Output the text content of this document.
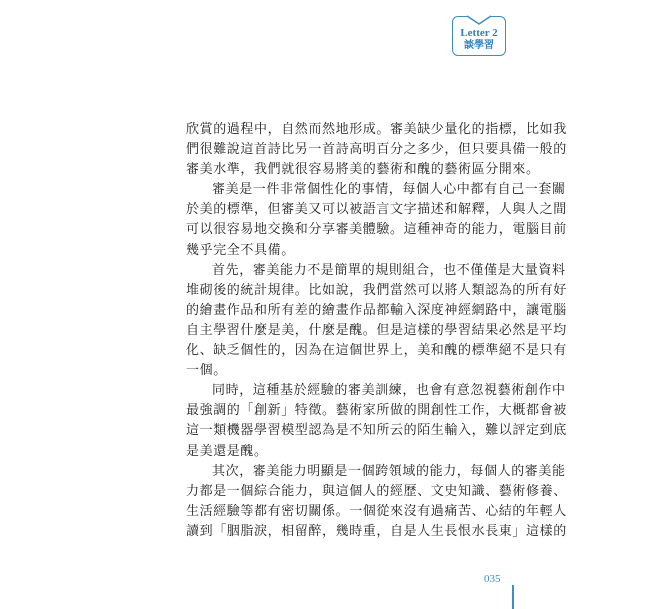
Letter 2
談學習
欣賞的過程中，自然而然地形成。審美缺少量化的指標，比如我
們很難說這首詩比另一首詩高明百分之多少，但只要具備一般的
審美水準，我們就很容易將美的藝術和醜的藝術區分開來。
審美是一件非常個性化的事情，每個人心中都有自己一套關
於美的標準，但審美又可以被語言文字描述和解釋，人與人之間
可以很容易地交換和分享審美體驗。這種神奇的能力，電腦目前
幾乎完全不具備。
首先，審美能力不是簡單的規則組合，也不僅僅是大量資料
堆砌後的統計規律。比如說，我們當然可以將人類認為的所有好
的繪畫作品和所有差的繪畫作品都輸入深度神經網路中，讓電腦
自主學習什麼是美，什麼是醜。但是這樣的學習結果必然是平均
化、缺乏個性的，因為在這個世界上，美和醜的標準絕不是只有
一個。
同時，這種基於經驗的審美訓練，也會有意忽視藝術創作中
最強調的「創新」特徵。藝術家所做的開創性工作，大概都會被
這一類機器學習模型認為是不知所云的陌生輸入，難以評定到底
是美還是醜。
其次，審美能力明顯是一個跨領域的能力，每個人的審美能
力都是一個綜合能力，與這個人的經歷、文史知識、藝術修養、
生活經驗等都有密切關係。一個從來沒有過痛苦、心結的年輕人
讀到「胭脂淚，相留醉，幾時重，自是人生長恨水長東」這樣的
035
